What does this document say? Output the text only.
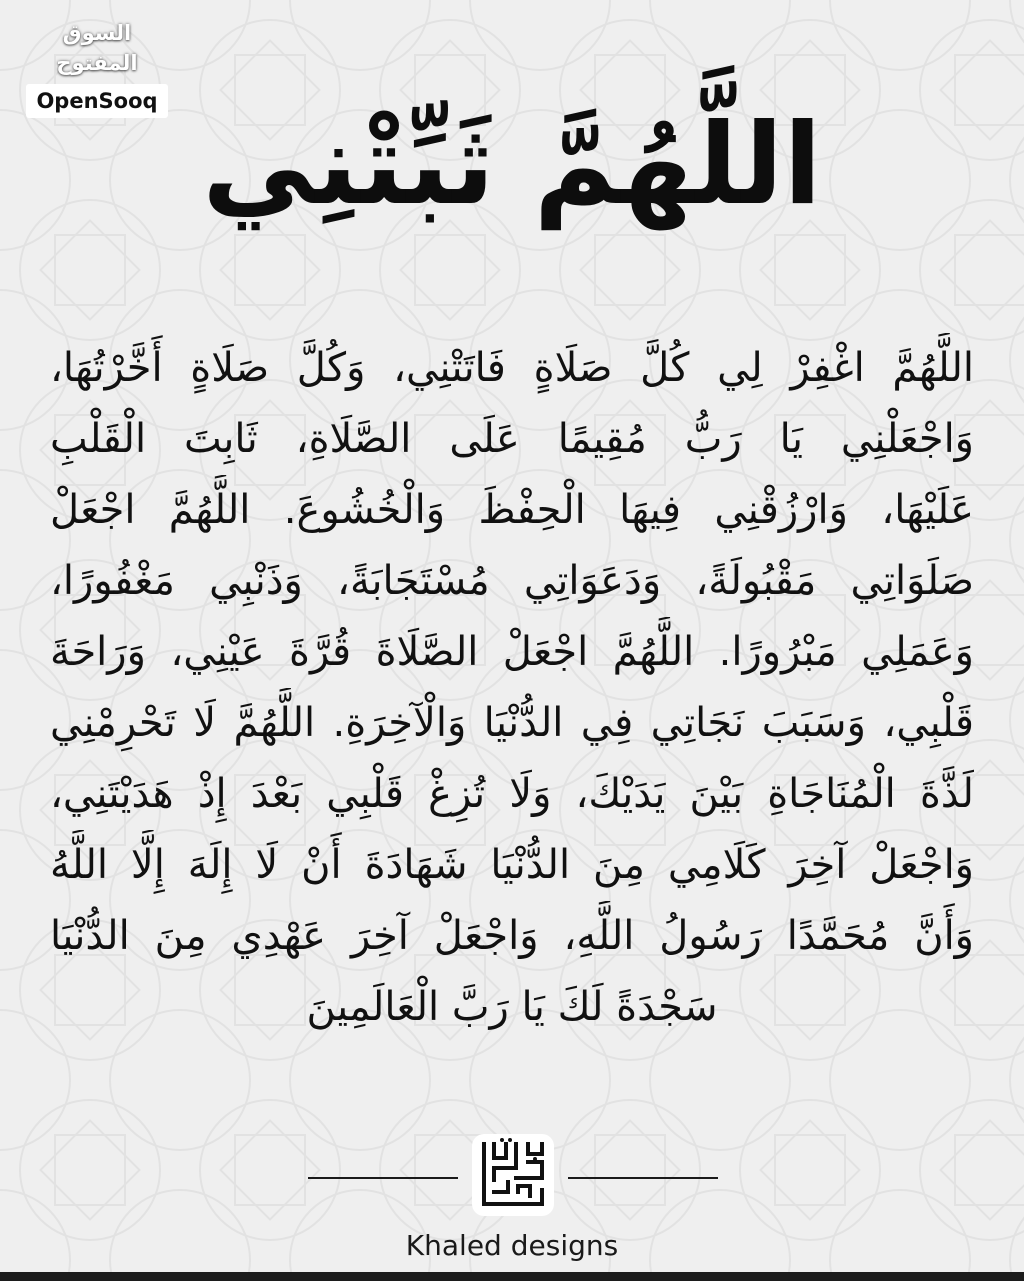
السوق المفتوح
OpenSooq اللَّهُمَّ ثَبِّتْنِي
اللَّهُمَّ اغْفِرْ لِي كُلَّ صَلَاةٍ فَاتَتْنِي، وَكُلَّ صَلَاةٍ أَخَّرْتُهَا،
وَاجْعَلْنِي يَا رَبُّ مُقِيمًا عَلَى الصَّلَاةِ، ثَابِتَ الْقَلْبِ
عَلَيْهَا، وَارْزُقْنِي فِيهَا الْحِفْظَ وَالْخُشُوعَ. اللَّهُمَّ اجْعَلْ
صَلَوَاتِي مَقْبُولَةً، وَدَعَوَاتِي مُسْتَجَابَةً، وَذَنْبِي مَغْفُورًا،
وَعَمَلِي مَبْرُورًا. اللَّهُمَّ اجْعَلْ الصَّلَاةَ قُرَّةَ عَيْنِي، وَرَاحَةَ
قَلْبِي، وَسَبَبَ نَجَاتِي فِي الدُّنْيَا وَالْآخِرَةِ. اللَّهُمَّ لَا تَحْرِمْنِي
لَذَّةَ الْمُنَاجَاةِ بَيْنَ يَدَيْكَ، وَلَا تُزِغْ قَلْبِي بَعْدَ إِذْ هَدَيْتَنِي،
وَاجْعَلْ آخِرَ كَلَامِي مِنَ الدُّنْيَا شَهَادَةَ أَنْ لَا إِلَهَ إِلَّا اللَّهُ
وَأَنَّ مُحَمَّدًا رَسُولُ اللَّهِ، وَاجْعَلْ آخِرَ عَهْدِي مِنَ الدُّنْيَا
سَجْدَةً لَكَ يَا رَبَّ الْعَالَمِينَ
Khaled designs
